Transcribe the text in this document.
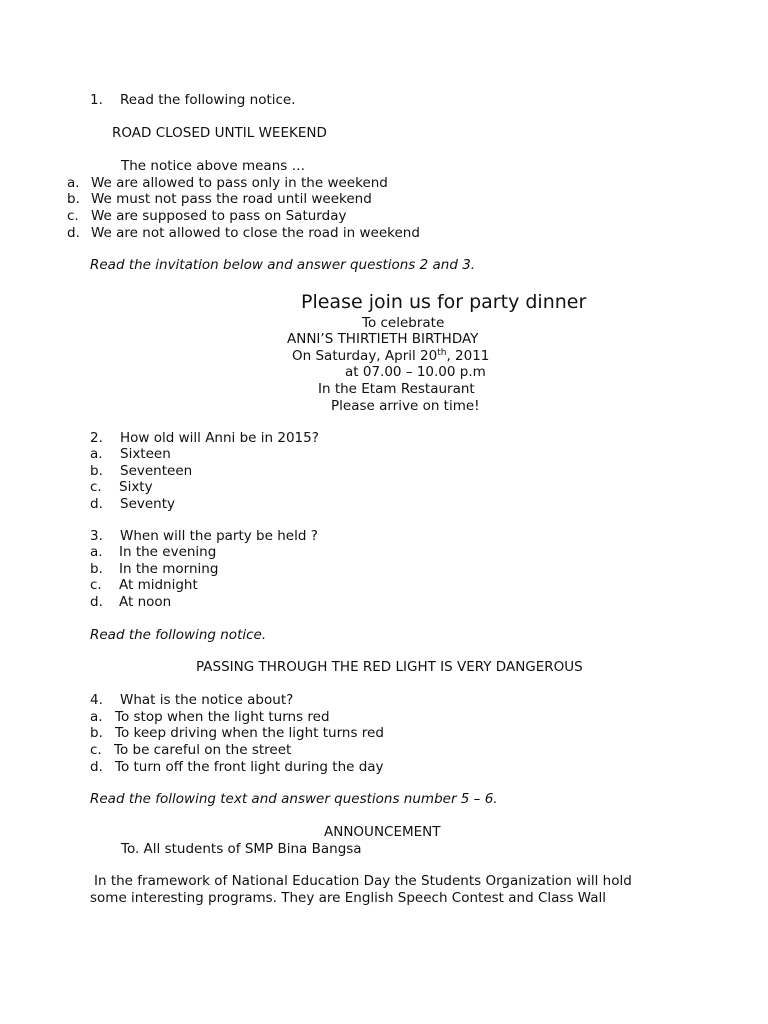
1. Read the following notice.
ROAD CLOSED UNTIL WEEKEND
The notice above means …
a. We are allowed to pass only in the weekend
b. We must not pass the road until weekend
c. We are supposed to pass on Saturday
d. We are not allowed to close the road in weekend
Read the invitation below and answer questions 2 and 3.
Please join us for party dinner
To celebrate
ANNI’S THIRTIETH BIRTHDAY
On Saturday, April 20th, 2011
at 07.00 – 10.00 p.m
In the Etam Restaurant
Please arrive on time!
2. How old will Anni be in 2015?
a. Sixteen
b. Seventeen
c. Sixty
d. Seventy
3. When will the party be held ?
a. In the evening
b. In the morning
c. At midnight
d. At noon
Read the following notice.
PASSING THROUGH THE RED LIGHT IS VERY DANGEROUS
4. What is the notice about?
a. To stop when the light turns red
b. To keep driving when the light turns red
c. To be careful on the street
d. To turn off the front light during the day
Read the following text and answer questions number 5 – 6.
ANNOUNCEMENT
To. All students of SMP Bina Bangsa
In the framework of National Education Day the Students Organization will hold some interesting programs. They are English Speech Contest and Class Wall
